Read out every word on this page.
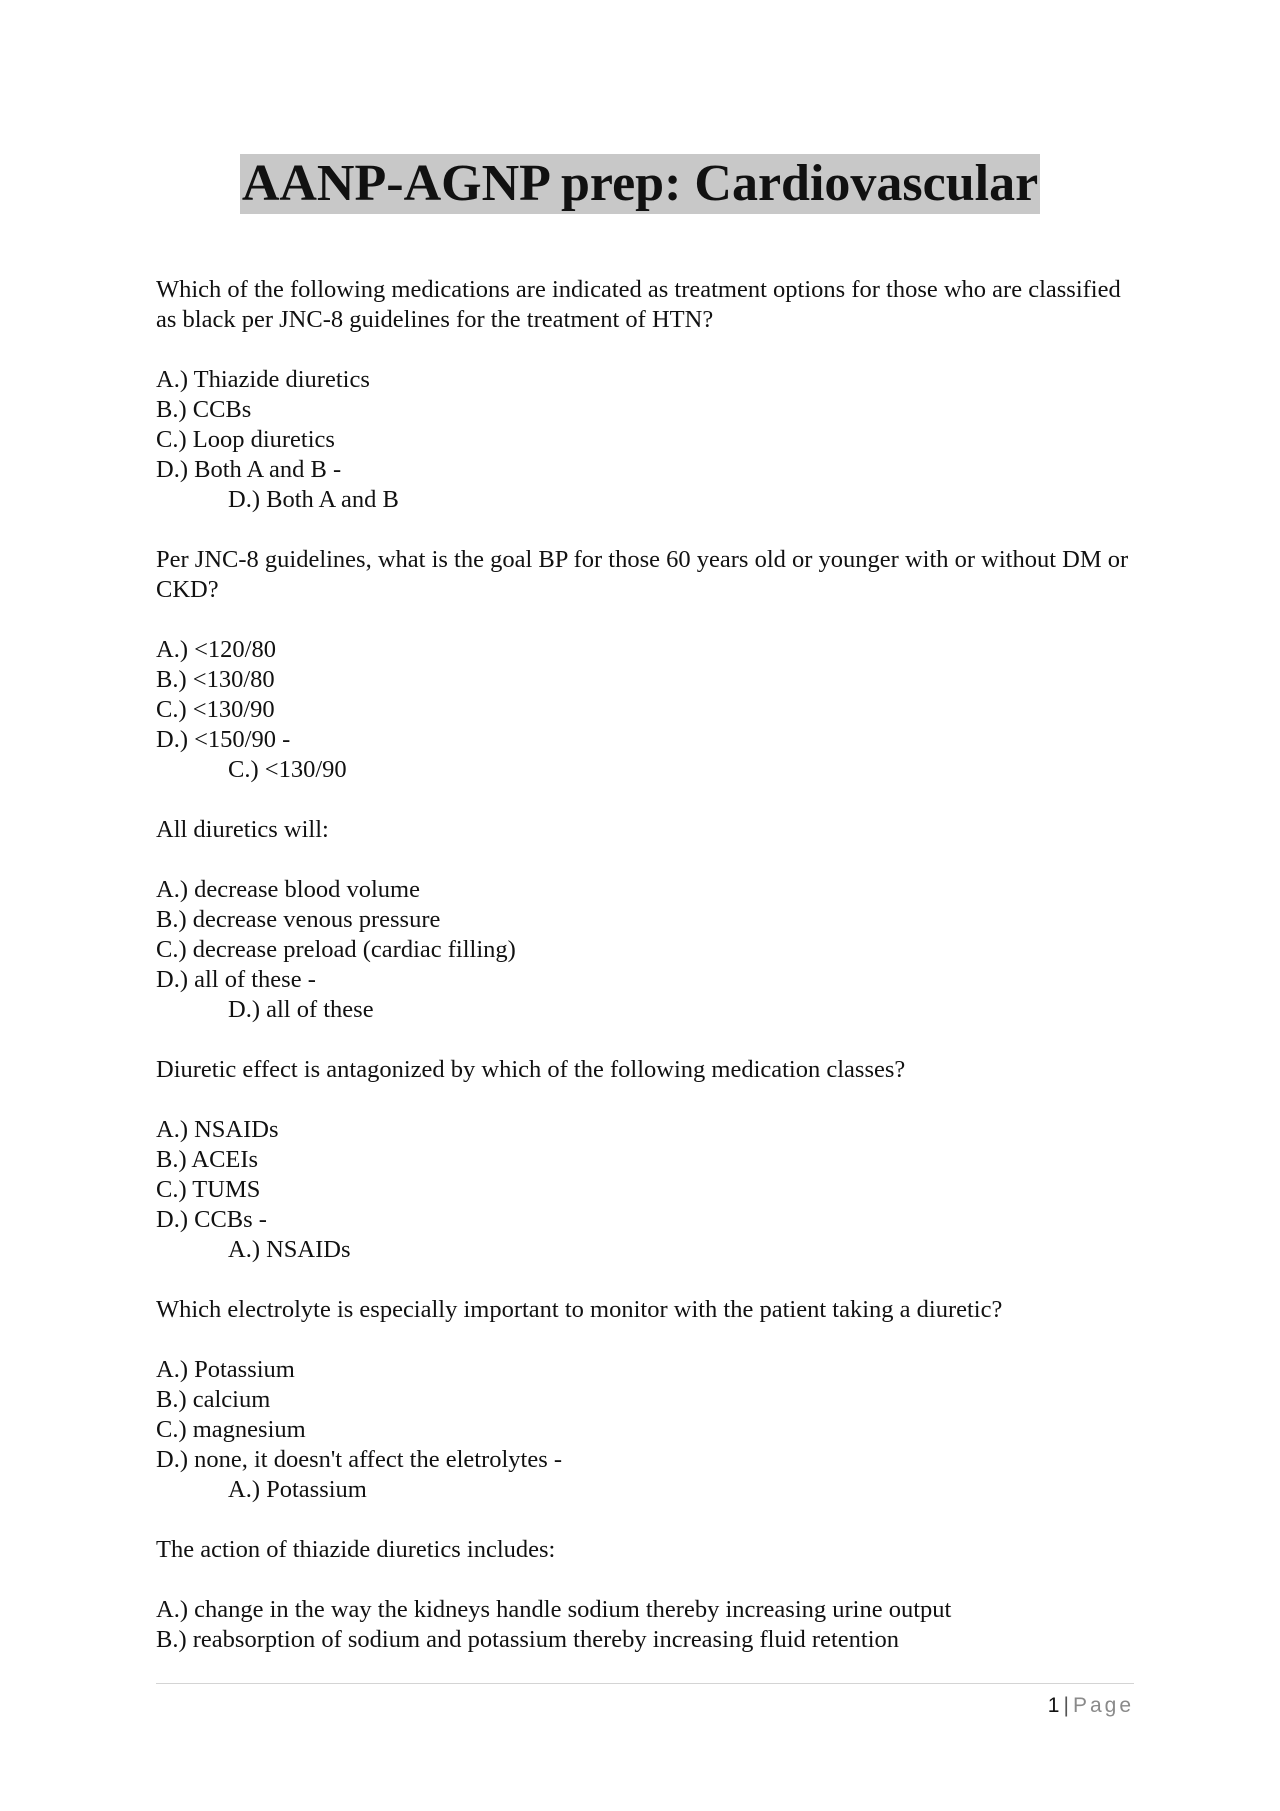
AANP-AGNP prep: Cardiovascular
Which of the following medications are indicated as treatment options for those who are classified as black per JNC-8 guidelines for the treatment of HTN?
A.) Thiazide diuretics
B.) CCBs
C.) Loop diuretics
D.) Both A and B -
D.) Both A and B
Per JNC-8 guidelines, what is the goal BP for those 60 years old or younger with or without DM or CKD?
A.) <120/80
B.) <130/80
C.) <130/90
D.) <150/90 -
C.) <130/90
All diuretics will:
A.) decrease blood volume
B.) decrease venous pressure
C.) decrease preload (cardiac filling)
D.) all of these -
D.) all of these
Diuretic effect is antagonized by which of the following medication classes?
A.) NSAIDs
B.) ACEIs
C.) TUMS
D.) CCBs -
A.) NSAIDs
Which electrolyte is especially important to monitor with the patient taking a diuretic?
A.) Potassium
B.) calcium
C.) magnesium
D.) none, it doesn't affect the eletrolytes -
A.) Potassium
The action of thiazide diuretics includes:
A.) change in the way the kidneys handle sodium thereby increasing urine output
B.) reabsorption of sodium and potassium thereby increasing fluid retention
1 | Page
